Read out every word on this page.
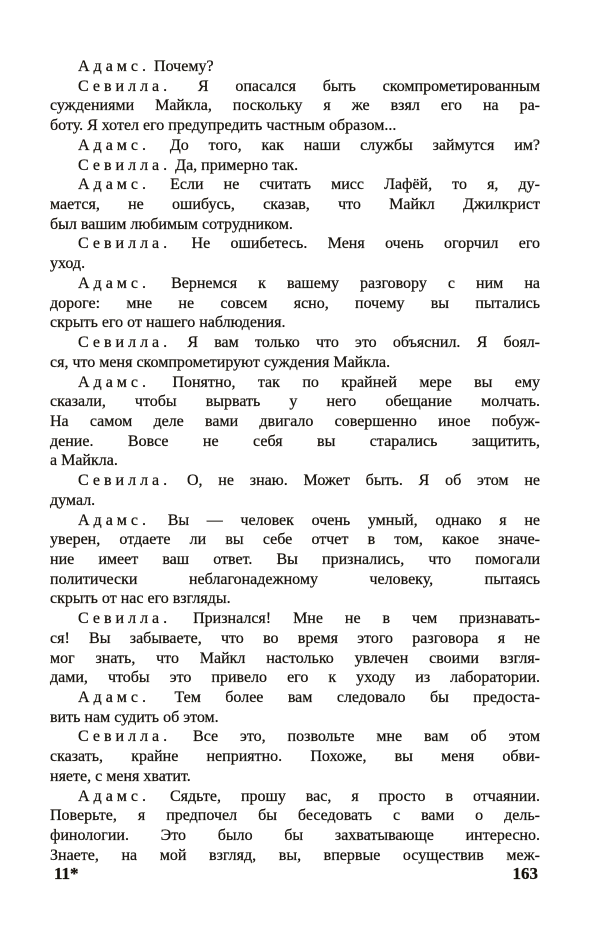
Адамс. Почему?
Севилла. Я опасался быть скомпрометированным
суждениями Майкла, поскольку я же взял его на ра-
боту. Я хотел его предупредить частным образом...
Адамс. До того, как наши службы займутся им?
Севилла. Да, примерно так.
Адамс. Если не считать мисс Лафёй, то я, ду-
мается, не ошибусь, сказав, что Майкл Джилкрист
был вашим любимым сотрудником.
Севилла. Не ошибетесь. Меня очень огорчил его
уход.
Адамс. Вернемся к вашему разговору с ним на
дороге: мне не совсем ясно, почему вы пытались
скрыть его от нашего наблюдения.
Севилла. Я вам только что это объяснил. Я боял-
ся, что меня скомпрометируют суждения Майкла.
Адамс. Понятно, так по крайней мере вы ему
сказали, чтобы вырвать у него обещание молчать.
На самом деле вами двигало совершенно иное побуж-
дение. Вовсе не себя вы старались защитить,
а Майкла.
Севилла. О, не знаю. Может быть. Я об этом не
думал.
Адамс. Вы — человек очень умный, однако я не
уверен, отдаете ли вы себе отчет в том, какое значе-
ние имеет ваш ответ. Вы признались, что помогали
политически неблагонадежному человеку, пытаясь
скрыть от нас его взгляды.
Севилла. Признался! Мне не в чем признавать-
ся! Вы забываете, что во время этого разговора я не
мог знать, что Майкл настолько увлечен своими взгля-
дами, чтобы это привело его к уходу из лаборатории.
Адамс. Тем более вам следовало бы предоста-
вить нам судить об этом.
Севилла. Все это, позвольте мне вам об этом
сказать, крайне неприятно. Похоже, вы меня обви-
няете, с меня хватит.
Адамс. Сядьте, прошу вас, я просто в отчаянии.
Поверьте, я предпочел бы беседовать с вами о дель-
финологии. Это было бы захватывающе интересно.
Знаете, на мой взгляд, вы, впервые осуществив меж-
11*	163
